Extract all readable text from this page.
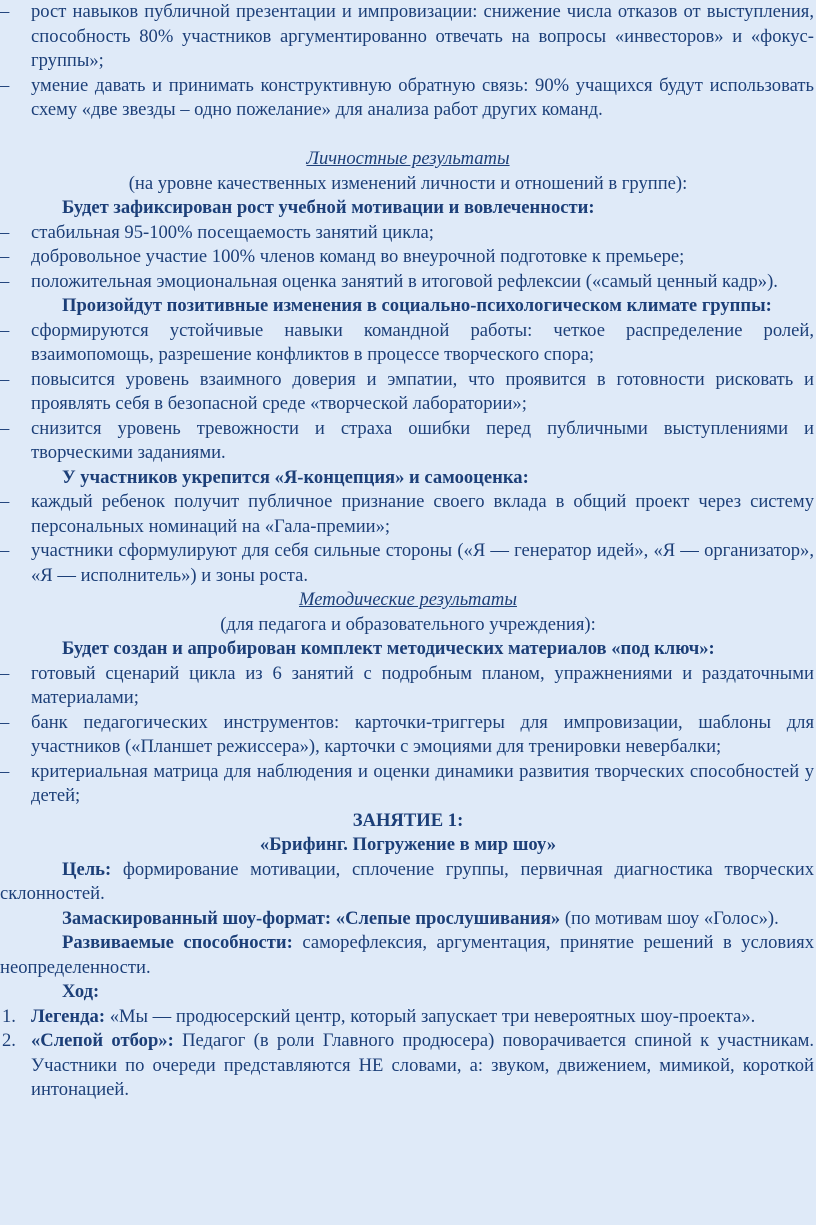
–	рост навыков публичной презентации и импровизации: снижение числа отказов от выступления, способность 80% участников аргументированно отвечать на вопросы «инвесторов» и «фокус-группы»;
–	умение давать и принимать конструктивную обратную связь: 90% учащихся будут использовать схему «две звезды – одно пожелание» для анализа работ других команд.

Личностные результаты

(на уровне качественных изменений личности и отношений в группе):

Будет зафиксирован рост учебной мотивации и вовлеченности:

–	стабильная 95-100% посещаемость занятий цикла;
–	добровольное участие 100% членов команд во внеурочной подготовке к премьере;
–	положительная эмоциональная оценка занятий в итоговой рефлексии («самый ценный кадр»).

Произойдут позитивные изменения в социально-психологическом климате группы:

–	сформируются устойчивые навыки командной работы: четкое распределение ролей, взаимопомощь, разрешение конфликтов в процессе творческого спора;
–	повысится уровень взаимного доверия и эмпатии, что проявится в готовности рисковать и проявлять себя в безопасной среде «творческой лаборатории»;
–	снизится уровень тревожности и страха ошибки перед публичными выступлениями и творческими заданиями.

У участников укрепится «Я-концепция» и самооценка:

–	каждый ребенок получит публичное признание своего вклада в общий проект через систему персональных номинаций на «Гала-премии»;
–	участники сформулируют для себя сильные стороны («Я — генератор идей», «Я — организатор», «Я — исполнитель») и зоны роста.

Методические результаты

(для педагога и образовательного учреждения):

Будет создан и апробирован комплект методических материалов «под ключ»:

–	готовый сценарий цикла из 6 занятий с подробным планом, упражнениями и раздаточными материалами;
–	банк педагогических инструментов: карточки-триггеры для импровизации, шаблоны для участников («Планшет режиссера»), карточки с эмоциями для тренировки невербалки;
–	критериальная матрица для наблюдения и оценки динамики развития творческих способностей у детей;

ЗАНЯТИЕ 1:

«Брифинг. Погружение в мир шоу»

Цель: формирование мотивации, сплочение группы, первичная диагностика творческих склонностей.

Замаскированный шоу-формат: «Слепые прослушивания» (по мотивам шоу «Голос»).

Развиваемые способности: саморефлексия, аргументация, принятие решений в условиях неопределенности.

Ход:

1. Легенда: «Мы — продюсерский центр, который запускает три невероятных шоу-проекта».
2. «Слепой отбор»: Педагог (в роли Главного продюсера) поворачивается спиной к участникам. Участники по очереди представляются НЕ словами, а: звуком, движением, мимикой, короткой интонацией.
